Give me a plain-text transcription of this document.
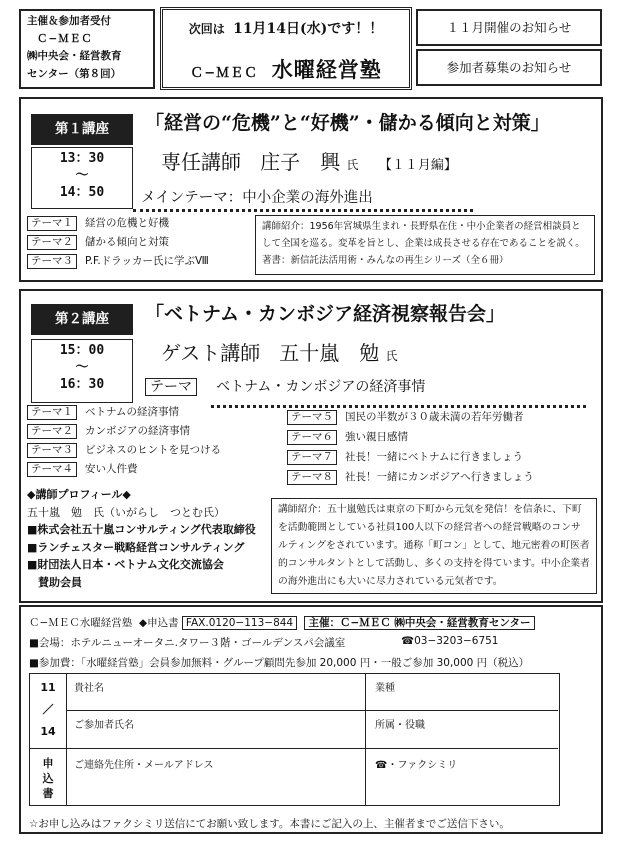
主催＆参加者受付
Ｃ−ＭＥＣ
㈱中央会・経営教育
センター（第８回）
次回は 11月14日(水)です！！
Ｃ−ＭＥＣ 水曜経営塾
１１月開催のお知らせ
参加者募集のお知らせ
第１講座
13：30
〜
14：50
「経営の“危機”と“好機”・儲かる傾向と対策」
専任講師 庄子　興 氏 【１１月編】
メインテーマ：中小企業の海外進出
テーマ１ 経営の危機と好機
テーマ２ 儲かる傾向と対策
テーマ３ P.F.ドラッカー氏に学ぶⅧ
講師紹介：1956年宮城県生まれ・長野県在住・中小企業者の経営相談員として全国を巡る。変革を旨とし、企業は成長させる存在であることを説く。著書：新信託法活用術・みんなの再生シリーズ（全６冊）
第２講座
15：00
〜
16：30
「ベトナム・カンボジア経済視察報告会」
ゲスト講師 五十嵐　勉 氏
テーマ ベトナム・カンボジアの経済事情
テーマ１ ベトナムの経済事情
テーマ２ カンボジアの経済事情
テーマ３ ビジネスのヒントを見つける
テーマ４ 安い人件費
テーマ５ 国民の半数が３０歳未満の若年労働者
テーマ６ 強い親日感情
テーマ７ 社長！一緒にベトナムに行きましょう
テーマ８ 社長！一緒にカンボジアへ行きましょう
◆講師プロフィール◆
五十嵐　勉　氏（いがらし　つとむ氏）
■株式会社五十嵐コンサルティング代表取締役
■ランチェスター戦略経営コンサルティング
■財団法人日本・ベトナム文化交流協会
　賛助会員
講師紹介：五十嵐勉氏は東京の下町から元気を発信！を信条に、下町を活動範囲としている社員100人以下の経営者への経営戦略のコンサルティングをされています。通称「町コン」として、地元密着の町医者的コンサルタントとして活動し、多くの支持を得ています。中小企業者の海外進出にも大いに尽力されている元気者です。
Ｃ−ＭＥＣ水曜経営塾 ◆申込書 FAX.0120−113−844 主催：Ｃ−ＭＥＣ ㈱中央会・経営教育センター
■会場：ホテルニューオータニ.タワー３階・ゴールデンスパ会議室	☎03−3203−6751
■参加費：「水曜経営塾」会員参加無料・グループ顧問先参加 20,000 円・一般ご参加 30,000 円（税込）
11
／
14
申
込
書
貴社名	業種
ご参加者氏名	所属・役職
ご連絡先住所・メールアドレス	☎・ファクシミリ
☆お申し込みはファクシミリ送信にてお願い致します。本書にご記入の上、主催者までご送信下さい。
